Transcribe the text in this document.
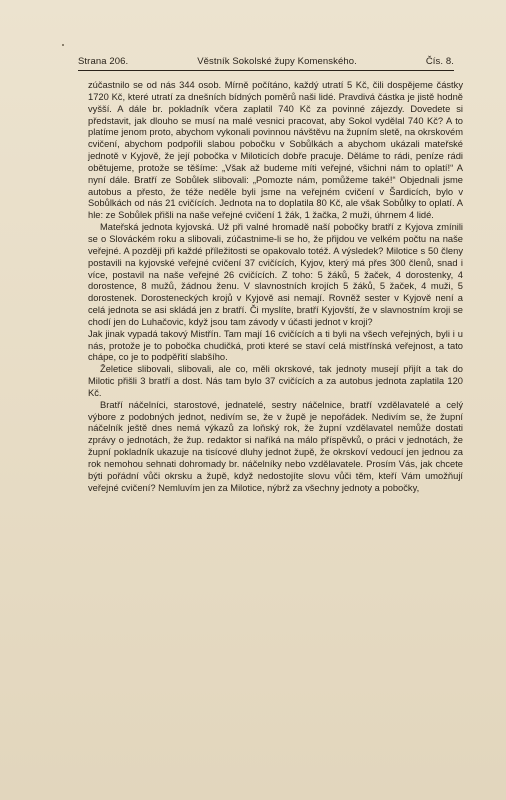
Strana 206.	Věstník Sokolské župy Komenského.	Čís. 8.

zúčastnilo se od nás 344 osob. Mírně počítáno, každý utratí 5 Kč, čili dospějeme částky 1720 Kč, které utratí za dnešních bídných poměrů naši lidé. Pravdivá částka je jistě hodně vyšší. A dále br. pokladník včera zaplatil 740 Kč za povinné zájezdy. Dovedete si představit, jak dlouho se musí na malé vesnici pracovat, aby Sokol vydělal 740 Kč? A to platíme jenom proto, abychom vykonali povinnou návštěvu na župním sletě, na okrskovém cvičení, abychom podpořili slabou pobočku v Sobůlkách a abychom ukázali mateřské jednotě v Kyjově, že její pobočka v Miloticích dobře pracuje. Děláme to rádi, peníze rádi obětujeme, protože se těšíme: „Však až budeme míti veřejné, všichni nám to oplatí!“ A nyní dále. Bratří ze Sobůlek slibovali: „Pomozte nám, pomůžeme také!“ Objednali jsme autobus a přesto, že téže neděle byli jsme na veřejném cvičení v Šardicích, bylo v Sobůlkách od nás 21 cvičících. Jednota na to doplatila 80 Kč, ale však Sobůlky to oplatí. A hle: ze Sobůlek přišli na naše veřejné cvičení 1 žák, 1 žačka, 2 muži, úhrnem 4 lidé.

Mateřská jednota kyjovská. Už při valné hromadě naší pobočky bratří z Kyjova zmínili se o Slováckém roku a slibovali, zúčastnime-li se ho, že přijdou ve velkém počtu na naše veřejné. A později při každé příležitosti se opakovalo totéž. A výsledek? Milotice s 50 členy postavili na kyjovské veřejné cvičení 37 cvičících, Kyjov, který má přes 300 členů, snad i více, postavil na naše veřejné 26 cvičících. Z toho: 5 žáků, 5 žaček, 4 dorostenky, 4 dorostence, 8 mužů, žádnou ženu. V slavnostních krojích 5 žáků, 5 žaček, 4 muži, 5 dorostenek. Dorosteneckých krojů v Kyjově asi nemají. Rovněž sester v Kyjově není a celá jednota se asi skládá jen z bratří. Či myslíte, bratří Kyjovští, že v slavnostním kroji se chodí jen do Luhačovic, když jsou tam závody v účasti jednot v kroji?

Jak jinak vypadá takový Mistřín. Tam mají 16 cvičících a ti byli na všech veřejných, byli i u nás, protože je to pobočka chudičká, proti které se staví celá mistřínská veřejnost, a tato chápe, co je to podpěřití slabšího.

Želetice slibovali, slibovali, ale co, měli okrskové, tak jednoty musejí přijít a tak do Milotic přišli 3 bratří a dost. Nás tam bylo 37 cvičících a za autobus jednota zaplatila 120 Kč.

Bratří náčelníci, starostové, jednatelé, sestry náčelnice, bratří vzdělavatelé a celý výbore z podobných jednot, nedivím se, že v župě je nepořádek. Nedivím se, že župní náčelník ještě dnes nemá výkazů za loňský rok, že župní vzdělavatel nemůže dostati zprávy o jednotách, že žup. redaktor si naříká na málo příspěvků, o práci v jednotách, že župní pokladník ukazuje na tisícové dluhy jednot župě, že okrskoví vedoucí jen jednou za rok nemohou sehnati dohromady br. náčelníky nebo vzdělavatele. Prosím Vás, jak chcete býti pořádní vůči okrsku a župě, když nedostojíte slovu vůči těm, kteří Vám umožňují veřejné cvičení? Nemluvím jen za Milotice, nýbrž za všechny jednoty a pobočky,
